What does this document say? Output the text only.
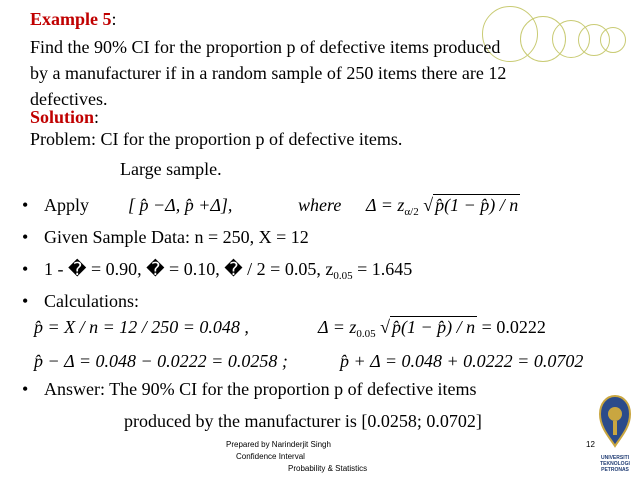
Example 5:
Find the 90% CI for the proportion p of defective items produced
by a manufacturer if in a random sample of 250 items there are 12
defectives.
Solution:
Problem: CI for the proportion p of defective items.
Large sample.
• Apply [ p̂ −Δ, p̂ +Δ],	where $\Delta = z_{\alpha/2}$ √ p̂(1 − p̂) / n
• Given Sample Data: n = 250, X = 12
• 1 - � = 0.90, � = 0.10, � / 2 = 0.05, $z_{0.05} = 1.645$
• Calculations:
p̂ = X / n = 12 / 250 = 0.048 ,	$\Delta = z_{0.05}$ √ p̂(1 − p̂) / n = 0.0222
p̂ − Δ = 0.048 − 0.0222 = 0.0258 ;	p̂ + Δ = 0.048 + 0.0222 = 0.0702
• Answer: The 90% CI for the proportion p of defective items
produced by the manufacturer is [0.0258; 0.0702]
Prepared by Narinderjit Singh
Confidence Interval
Probability & Statistics
12
UNIVERSITI
TEKNOLOGI
PETRONAS
